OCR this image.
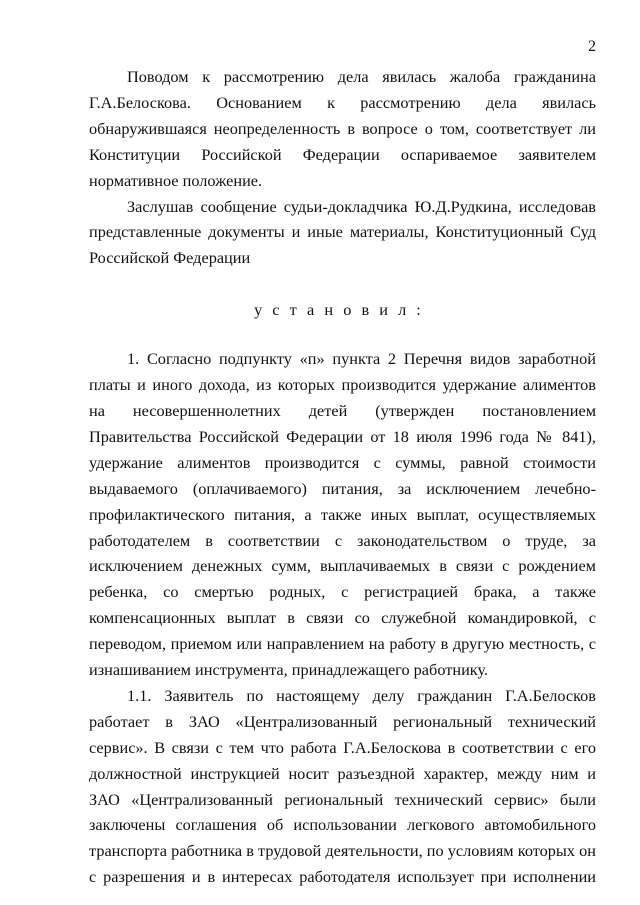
2

Поводом к рассмотрению дела явилась жалоба гражданина Г.А.Белоскова. Основанием к рассмотрению дела явилась обнаружившаяся неопределенность в вопросе о том, соответствует ли Конституции Российской Федерации оспариваемое заявителем нормативное положение.

Заслушав сообщение судьи-докладчика Ю.Д.Рудкина, исследовав представленные документы и иные материалы, Конституционный Суд Российской Федерации

установил:

1. Согласно подпункту «п» пункта 2 Перечня видов заработной платы и иного дохода, из которых производится удержание алиментов на несовершеннолетних детей (утвержден постановлением Правительства Российской Федерации от 18 июля 1996 года № 841), удержание алиментов производится с суммы, равной стоимости выдаваемого (оплачиваемого) питания, за исключением лечебно-профилактического питания, а также иных выплат, осуществляемых работодателем в соответствии с законодательством о труде, за исключением денежных сумм, выплачиваемых в связи с рождением ребенка, со смертью родных, с регистрацией брака, а также компенсационных выплат в связи со служебной командировкой, с переводом, приемом или направлением на работу в другую местность, с изнашиванием инструмента, принадлежащего работнику.

1.1. Заявитель по настоящему делу гражданин Г.А.Белосков работает в ЗАО «Централизованный региональный технический сервис». В связи с тем что работа Г.А.Белоскова в соответствии с его должностной инструкцией носит разъездной характер, между ним и ЗАО «Централизованный региональный технический сервис» были заключены соглашения об использовании легкового автомобильного транспорта работника в трудовой деятельности, по условиям которых он с разрешения и в интересах работодателя использует при исполнении
